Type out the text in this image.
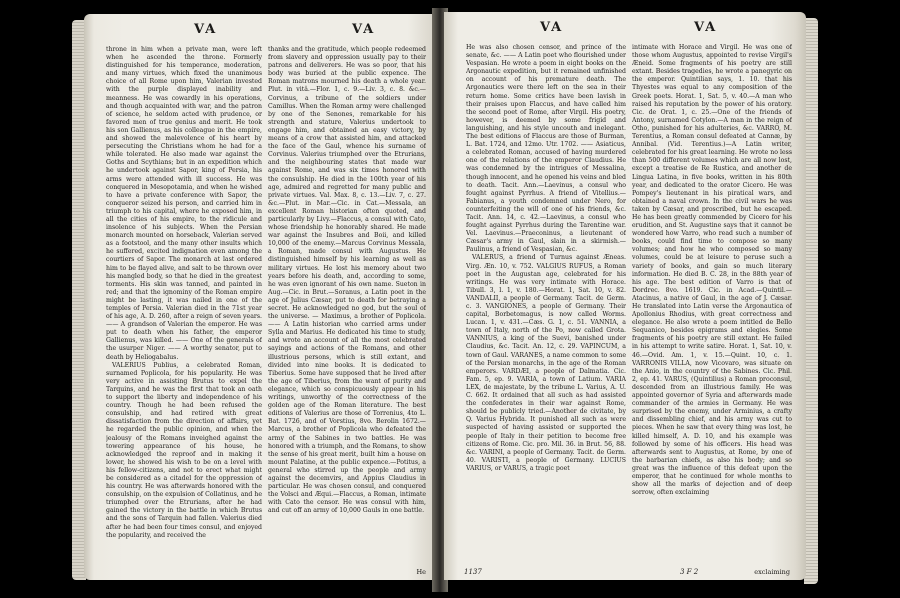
VA	VA

throne in him when a private man, were left when he ascended the throne. Formerly distinguished for his temperance, moderation, and many virtues, which fixed the unanimous choice of all Rome upon him, Valerian invested with the purple displayed inability and meanness. He was cowardly in his operations, and though acquainted with war, and the patron of science, he seldom acted with prudence, or favored men of true genius and merit. He took his son Gallienus, as his colleague in the empire, and showed the malevolence of his heart by persecuting the Christians whom he had for a while tolerated. He also made war against the Goths and Scythians; but in an expedition which he undertook against Sapor, king of Persia, his arms were attended with ill success. He was conquered in Mesopotamia, and when he wished to have a private conference with Sapor, the conqueror seized his person, and carried him in triumph to his capital, where he exposed him, in all the cities of his empire, to the ridicule and insolence of his subjects. When the Persian monarch mounted on horseback, Valerian served as a footstool, and the many other insults which he suffered, excited indignation even among the courtiers of Sapor. The monarch at last ordered him to be flayed alive, and salt to be thrown over his mangled body, so that he died in the greatest torments. His skin was tanned, and painted in red; and that the ignominy of the Roman empire might be lasting, it was nailed in one of the temples of Persia. Valerian died in the 71st year of his age, A. D. 260, after a reign of seven years. —— A grandson of Valerian the emperor. He was put to death when his father, the emperor Gallienus, was killed. —— One of the generals of the usurper Niger. —— A worthy senator, put to death by Heliogabalus.

VALERIUS Publius, a celebrated Roman, surnamed Poplicola, for his popularity. He was very active in assisting Brutus to expel the Tarquins, and he was the first that took an oath to support the liberty and independence of his country. Though he had been refused the consulship, and had retired with great dissatisfaction from the direction of affairs, yet he regarded the public opinion, and when the jealousy of the Romans inveighed against the towering appearance of his house, he acknowledged the reproof and in making it lower, he showed his wish to be on a level with his fellow-citizens, and not to erect what might be considered as a citadel for the oppression of his country. He was afterwards honored with the consulship, on the expulsion of Collatinus, and he triumphed over the Etrurians, after he had gained the victory in the battle in which Brutus and the sons of Tarquin had fallen. Valerius died after he had been four times consul, and enjoyed the popularity, and received the

thanks and the gratitude, which people redeemed from slavery and oppression usually pay to their patrons and deliverers. He was so poor, that his body was buried at the public expence. The Roman matrons mourned his death a whole year. Plut. in vitâ.—Flor. 1, c. 9.—Liv. 3, c. 8. &c.—Corvinus, a tribune of the soldiers under Camillus. When the Roman army were challenged by one of the Senones, remarkable for his strength and stature, Valerius undertook to engage him, and obtained an easy victory, by means of a crow that assisted him, and attacked the face of the Gaul, whence his surname of Corvinus. Valerius triumphed over the Etrurians, and the neighbouring states that made war against Rome, and was six times honored with the consulship. He died in the 100th year of his age, admired and regretted for many public and private virtues. Val. Max. 8, c. 13.—Liv. 7, c. 27. &c.—Plut. in Mar.—Cic. in Cat.—Messala, an excellent Roman historian often quoted, and particularly by Livy.—Flaccus, a consul with Cato, whose friendship he honorably shared. He made war against the Insubres and Boii, and killed 10,000 of the enemy.—Marcus Corvinus Messala, a Roman, made consul with Augustus. He distinguished himself by his learning as well as military virtues. He lost his memory about two years before his death, and, according to some, he was even ignorant of his own name. Sueton in Aug.—Cic. in Brut.—Soranus, a Latin poet in the age of Julius Cæsar, put to death for betraying a secret. He acknowledged no god, but the soul of the universe. — Maximus, a brother of Poplicola. —— A Latin historian who carried arms under Sylla and Marius. He dedicated his time to study, and wrote an account of all the most celebrated sayings and actions of the Romans, and other illustrious persons, which is still extant, and divided into nine books. It is dedicated to Tiberius. Some have supposed that he lived after the age of Tiberius, from the want of purity and elegance, which so conspicuously appear in his writings, unworthy of the correctness of the golden age of the Roman literature. The best editions of Valerius are those of Torrenius, 4to L. Bat. 1726, and of Vorstius, 8vo. Berolin 1672.—Marcus, a brother of Poplicola who defeated the army of the Sabines in two battles. He was honored with a triumph, and the Romans, to show the sense of his great merit, built him a house on mount Palatine, at the public expence.—Potitus, a general who stirred up the people and army against the decemvirs, and Appius Claudius in particular. He was chosen consul, and conquered the Volsci and Æqui.—Flaccus, a Roman, intimate with Cato the censor. He was consul with him, and cut off an army of 10,000 Gauls in one battle.

He
VA	VA

He was also chosen censor, and prince of the senate, &c. —— A Latin poet who flourished under Vespasian. He wrote a poem in eight books on the Argonautic expedition, but it remained unfinished on account of his premature death. The Argonautics were there left on the sea in their return home. Some critics have been lavish in their praises upon Flaccus, and have called him the second poet of Rome, after Virgil. His poetry, however, is deemed by some frigid and languishing, and his style uncouth and inelegant. The best editions of Flaccus are those of Burman, L. Bat. 1724, and 12mo. Utr. 1702. —— Asiaticus, a celebrated Roman, accused of having murdered one of the relations of the emperor Claudius. He was condemned by the intrigues of Messalina, though innocent, and he opened his veins and bled to death. Tacit. Ann.—Laevinus, a consul who fought against Pyrrhus. A friend of Vitellius.—Fabianus, a youth condemned under Nero, for counterfeiting the will of one of his friends, &c. Tacit. Ann. 14, c. 42.—Laevinus, a consul who fought against Pyrrhus during the Tarentine war. Vel. Laevinus.—Praeconinus, a lieutenant of Cæsar's army in Gaul, slain in a skirmish.—Paulinus, a friend of Vespasian, &c.

VALERUS, a friend of Turnus against Æneas. Virg. Æn. 10, v. 752. VALGIUS RUFUS, a Roman poet in the Augustan age, celebrated for his writings. He was very intimate with Horace. Tibull. 3, l. 1, v. 180.—Horat. 1, Sat. 10, v. 82. VANDALII, a people of Germany. Tacit. de Germ. c. 3. VANGIONES, a people of Germany. Their capital, Borbetomagus, is now called Worms. Lucan. 1, v. 431.—Cæs. G. 1, c. 51. VANNIA, a town of Italy, north of the Po, now called Grota. VANNIUS, a king of the Suevi, banished under Claudius, &c. Tacit. An. 12, c. 29. VAPINCUM, a town of Gaul. VARANES, a name common to some of the Persian monarchs, in the age of the Roman emperors. VARDÆI, a people of Dalmatia. Cic. Fam. 5, ep. 9. VARIA, a town of Latium. VARIA LEX, de majestate, by the tribune L. Varius, A. U. C. 662. It ordained that all such as had assisted the confederates in their war against Rome, should be publicly tried.—Another de civitate, by Q. Varius Hybrida. It punished all such as were suspected of having assisted or supported the people of Italy in their petition to become free citizens of Rome. Cic. pro. Mil. 36. in Brut. 56, 88. &c. VARINI, a people of Germany. Tacit. de Germ. 40. VARISTI, a people of Germany. LUCIUS VARIUS, or VARUS, a tragic poet

intimate with Horace and Virgil. He was one of those whom Augustus, appointed to revise Virgil's Æneid. Some fragments of his poetry are still extant. Besides tragedies, he wrote a panegyric on the emperor. Quintilian says, 1. 10. that his Thyestes was equal to any composition of the Greek poets. Horat. 1, Sat. 5, v. 40.—A man who raised his reputation by the power of his oratory. Cic. de Orat. 1, c. 25.—One of the friends of Antony, surnamed Cotylon.—A man in the reign of Otho, punished for his adulteries, &c. VARRO, M. Terentius, a Roman consul defeated at Cannæ, by Annibal. (Vid. Terentius.)—A Latin writer, celebrated for his great learning. He wrote no less than 500 different volumes which are all now lost, except a treatise de Re Rustica, and another de Lingua Latina, in five books, written in his 80th year, and dedicated to the orator Cicero. He was Pompey's lieutenant in his piratical wars, and obtained a naval crown. In the civil wars he was taken by Cæsar, and proscribed, but he escaped. He has been greatly commended by Cicero for his erudition, and St. Augustine says that it cannot be wondered how Varro, who read such a number of books, could find time to compose so many volumes; and how he who composed so many volumes, could be at leisure to peruse such a variety of books, and gain so much literary information. He died B. C. 28, in the 88th year of his age. The best edition of Varro is that of Dordrec. 8vo. 1619. Cic. in Acad.—Quintil.—Atacinus, a native of Gaul, in the age of J. Cæsar. He translated into Latin verse the Argonautica of Apollonius Rhodius, with great correctness and elegance. He also wrote a poem intitled de Bello Sequanico, besides epigrams and elegies. Some fragments of his poetry are still extant. He failed in his attempt to write satire. Horat. 1, Sat. 10, v. 46.—Ovid. Am. 1, v. 15.—Quint. 10, c. 1. VARRONIS VILLA, now Vicovaro, was situate on the Anio, in the country of the Sabines. Cic. Phil. 2, ep. 41. VARUS, (Quintilius) a Roman proconsul, descended from an illustrious family. He was appointed governor of Syria and afterwards made commander of the armies in Germany. He was surprised by the enemy, under Arminius, a crafty and dissembling chief, and his army was cut to pieces. When he saw that every thing was lost, he killed himself, A. D. 10, and his example was followed by some of his officers. His head was afterwards sent to Augustus, at Rome, by one of the barbarian chiefs, as also his body; and so great was the influence of this defeat upon the emperor, that he continued for whole months to show all the marks of dejection and of deep sorrow, often exclaiming

1137	3 F 2	exclaiming
